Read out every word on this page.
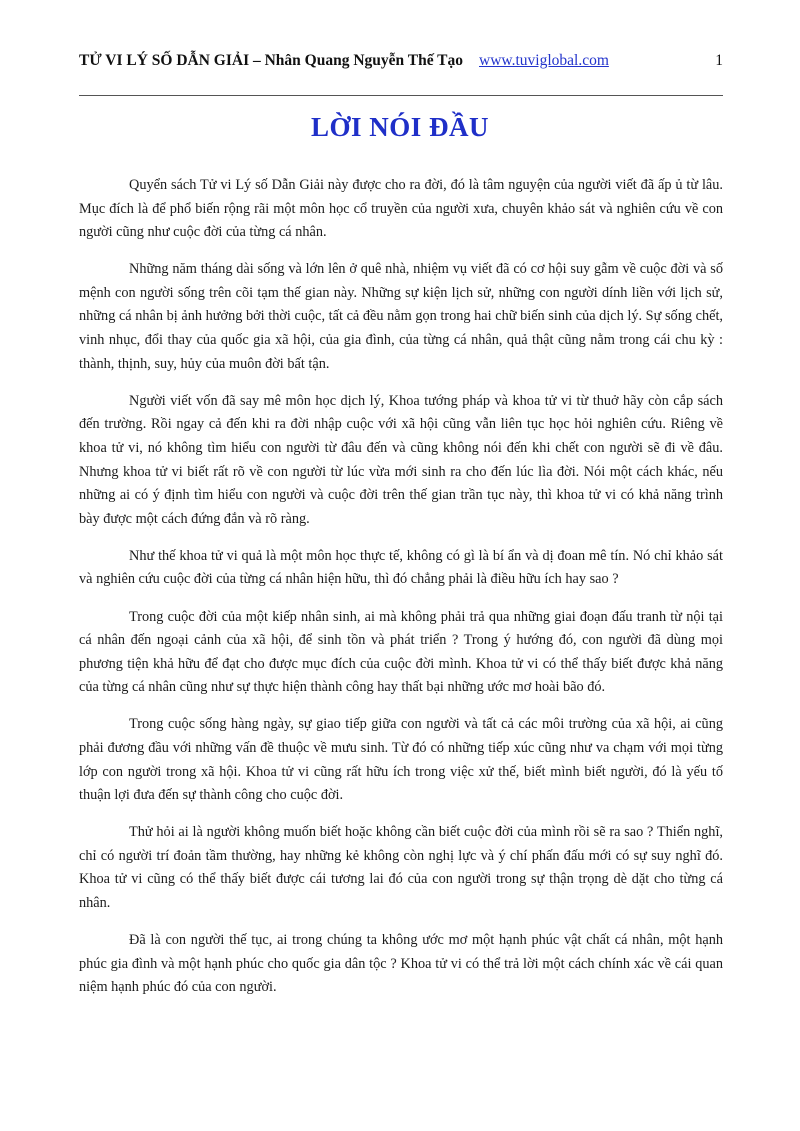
TỬ VI LÝ SỐ DẪN GIẢI – Nhân Quang Nguyễn Thế Tạo www.tuviglobal.com	1
LỜI NÓI ĐẦU

Quyển sách Tử vi Lý số Dẫn Giải này được cho ra đời, đó là tâm nguyện của người viết đã ấp ủ từ lâu. Mục đích là để phổ biến rộng rãi một môn học cổ truyền của người xưa, chuyên khảo sát và nghiên cứu về con người cũng như cuộc đời của từng cá nhân.

Những năm tháng dài sống và lớn lên ở quê nhà, nhiệm vụ viết đã có cơ hội suy gẫm về cuộc đời và số mệnh con người sống trên cõi tạm thế gian này. Những sự kiện lịch sử, những con người dính liền với lịch sử, những cá nhân bị ảnh hưởng bởi thời cuộc, tất cả đều nằm gọn trong hai chữ biến sinh của dịch lý. Sự sống chết, vinh nhục, đổi thay của quốc gia xã hội, của gia đình, của từng cá nhân, quả thật cũng nằm trong cái chu kỳ : thành, thịnh, suy, hủy của muôn đời bất tận.

Người viết vốn đã say mê môn học dịch lý, Khoa tướng pháp và khoa tử vi từ thuở hãy còn cắp sách đến trường. Rồi ngay cả đến khi ra đời nhập cuộc với xã hội cũng vẫn liên tục học hỏi nghiên cứu. Riêng về khoa tử vi, nó không tìm hiểu con người từ đâu đến và cũng không nói đến khi chết con người sẽ đi về đâu. Nhưng khoa tử vi biết rất rõ về con người từ lúc vừa mới sinh ra cho đến lúc lìa đời. Nói một cách khác, nếu những ai có ý định tìm hiểu con người và cuộc đời trên thế gian trần tục này, thì khoa tử vi có khả năng trình bày được một cách đứng đắn và rõ ràng.

Như thế khoa tử vi quả là một môn học thực tế, không có gì là bí ẩn và dị đoan mê tín. Nó chỉ khảo sát và nghiên cứu cuộc đời của từng cá nhân hiện hữu, thì đó chẳng phải là điều hữu ích hay sao ?

Trong cuộc đời của một kiếp nhân sinh, ai mà không phải trả qua những giai đoạn đấu tranh từ nội tại cá nhân đến ngoại cảnh của xã hội, để sinh tồn và phát triển ? Trong ý hướng đó, con người đã dùng mọi phương tiện khả hữu để đạt cho được mục đích của cuộc đời mình. Khoa tử vi có thể thấy biết được khả năng của từng cá nhân cũng như sự thực hiện thành công hay thất bại những ước mơ hoài bão đó.

Trong cuộc sống hàng ngày, sự giao tiếp giữa con người và tất cả các môi trường của xã hội, ai cũng phải đương đầu với những vấn đề thuộc về mưu sinh. Từ đó có những tiếp xúc cũng như va chạm với mọi từng lớp con người trong xã hội. Khoa tử vi cũng rất hữu ích trong việc xử thế, biết mình biết người, đó là yếu tố thuận lợi đưa đến sự thành công cho cuộc đời.

Thử hỏi ai là người không muốn biết hoặc không cần biết cuộc đời của mình rồi sẽ ra sao ? Thiển nghĩ, chỉ có người trí đoản tầm thường, hay những kẻ không còn nghị lực và ý chí phấn đấu mới có sự suy nghĩ đó. Khoa tử vi cũng có thể thấy biết được cái tương lai đó của con người trong sự thận trọng dè dặt cho từng cá nhân.

Đã là con người thế tục, ai trong chúng ta không ước mơ một hạnh phúc vật chất cá nhân, một hạnh phúc gia đình và một hạnh phúc cho quốc gia dân tộc ? Khoa tử vi có thể trả lời một cách chính xác về cái quan niệm hạnh phúc đó của con người.
